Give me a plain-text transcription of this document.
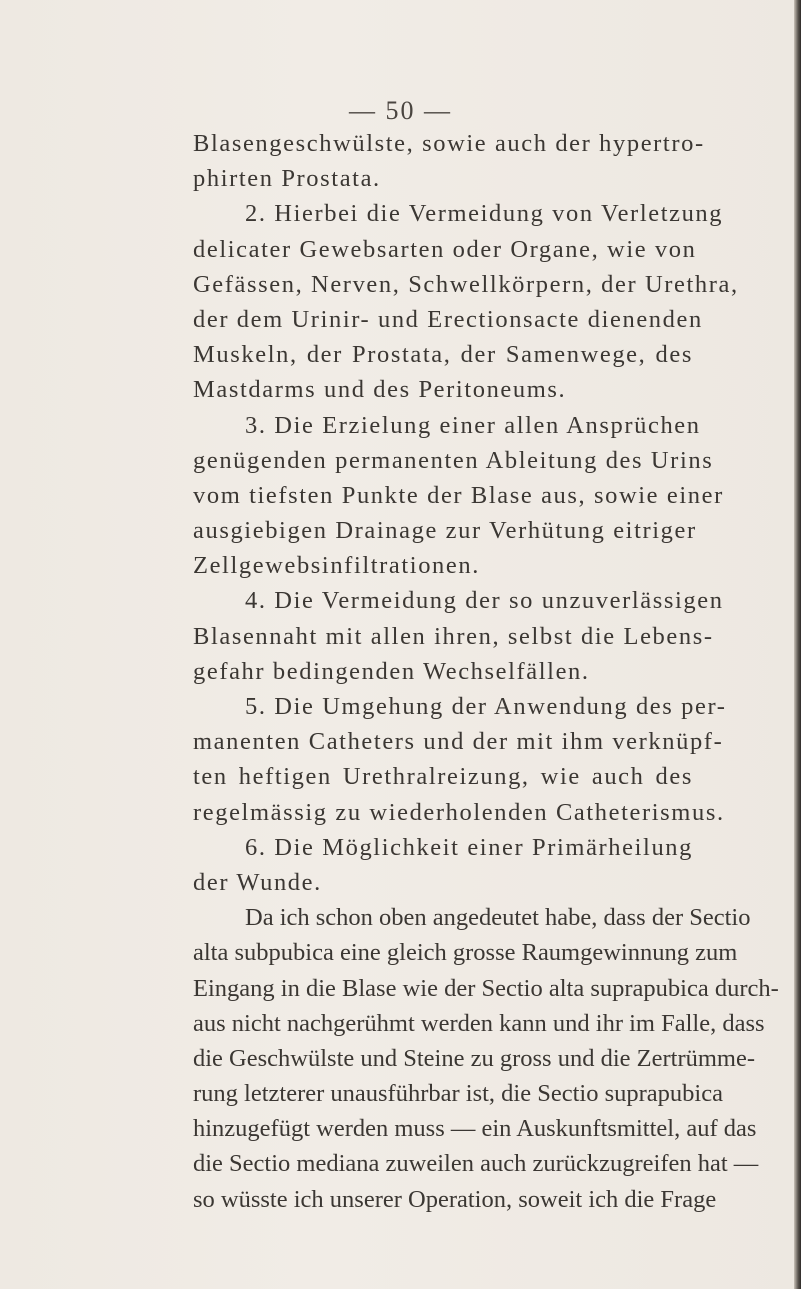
— 50 —
Blasengeschwülste, sowie auch der hypertro-
phirten Prostata.
2. Hierbei die Vermeidung von Verletzung
delicater Gewebsarten oder Organe, wie von
Gefässen, Nerven, Schwellkörpern, der Urethra,
der dem Urinir- und Erectionsacte dienenden
Muskeln, der Prostata, der Samenwege, des
Mastdarms und des Peritoneums.
3. Die Erzielung einer allen Ansprüchen
genügenden permanenten Ableitung des Urins
vom tiefsten Punkte der Blase aus, sowie einer
ausgiebigen Drainage zur Verhütung eitriger
Zellgewebsinfiltrationen.
4. Die Vermeidung der so unzuverlässigen
Blasennaht mit allen ihren, selbst die Lebens-
gefahr bedingenden Wechselfällen.
5. Die Umgehung der Anwendung des per-
manenten Catheters und der mit ihm verknüpf-
ten heftigen Urethralreizung, wie auch des
regelmässig zu wiederholenden Catheterismus.
6. Die Möglichkeit einer Primärheilung
der Wunde.
Da ich schon oben angedeutet habe, dass der Sectio
alta subpubica eine gleich grosse Raumgewinnung zum
Eingang in die Blase wie der Sectio alta suprapubica durch-
aus nicht nachgerühmt werden kann und ihr im Falle, dass
die Geschwülste und Steine zu gross und die Zertrümme-
rung letzterer unausführbar ist, die Sectio suprapubica
hinzugefügt werden muss — ein Auskunftsmittel, auf das
die Sectio mediana zuweilen auch zurückzugreifen hat —
so wüsste ich unserer Operation, soweit ich die Frage
